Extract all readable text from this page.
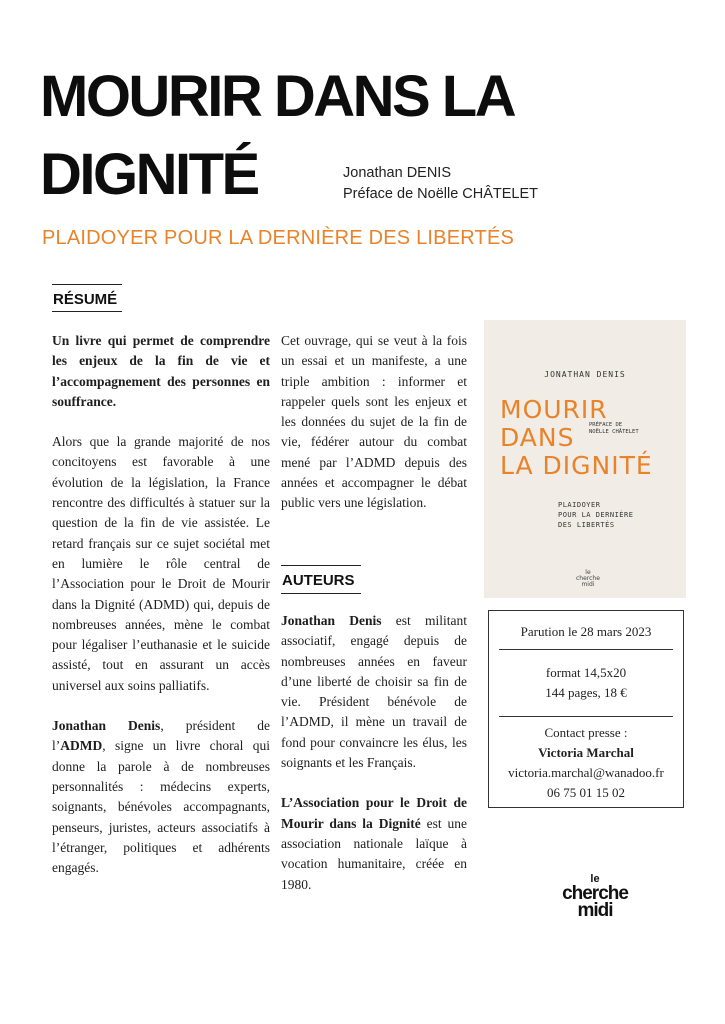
MOURIR DANS LA
DIGNITÉ	Jonathan DENIS
Préface de Noëlle CHÂTELET
PLAIDOYER POUR LA DERNIÈRE DES LIBERTÉS
RÉSUMÉ

Un livre qui permet de comprendre les enjeux de la fin de vie et l’accompagnement des personnes en souffrance.

Alors que la grande majorité de nos concitoyens est favorable à une évolution de la législation, la France rencontre des difficultés à statuer sur la question de la fin de vie assistée. Le retard français sur ce sujet sociétal met en lumière le rôle central de l’Association pour le Droit de Mourir dans la Dignité (ADMD) qui, depuis de nombreuses années, mène le combat pour légaliser l’euthanasie et le suicide assisté, tout en assurant un accès universel aux soins palliatifs.

Jonathan Denis, président de l’ADMD, signe un livre choral qui donne la parole à de nombreuses personnalités : médecins experts, soignants, bénévoles accompagnants, penseurs, juristes, acteurs associatifs à l’étranger, politiques et adhérents engagés.

Cet ouvrage, qui se veut à la fois un essai et un manifeste, a une triple ambition : informer et rappeler quels sont les enjeux et les données du sujet de la fin de vie, fédérer autour du combat mené par l’ADMD depuis des années et accompagner le débat public vers une législation.

AUTEURS

Jonathan Denis est militant associatif, engagé depuis de nombreuses années en faveur d’une liberté de choisir sa fin de vie. Président bénévole de l’ADMD, il mène un travail de fond pour convaincre les élus, les soignants et les Français.

L’Association pour le Droit de Mourir dans la Dignité est une association nationale laïque à vocation humanitaire, créée en 1980.

JONATHAN DENIS
MOURIR
DANS
LA DIGNITÉ
PRÉFACE DE
NOËLLE CHÂTELET
PLAIDOYER
POUR LA DERNIÈRE
DES LIBERTÉS
le
cherche
midi
Parution le 28 mars 2023
format 14,5x20
144 pages, 18 €
Contact presse :
Victoria Marchal
victoria.marchal@wanadoo.fr
06 75 01 15 02
le
cherche
midi
